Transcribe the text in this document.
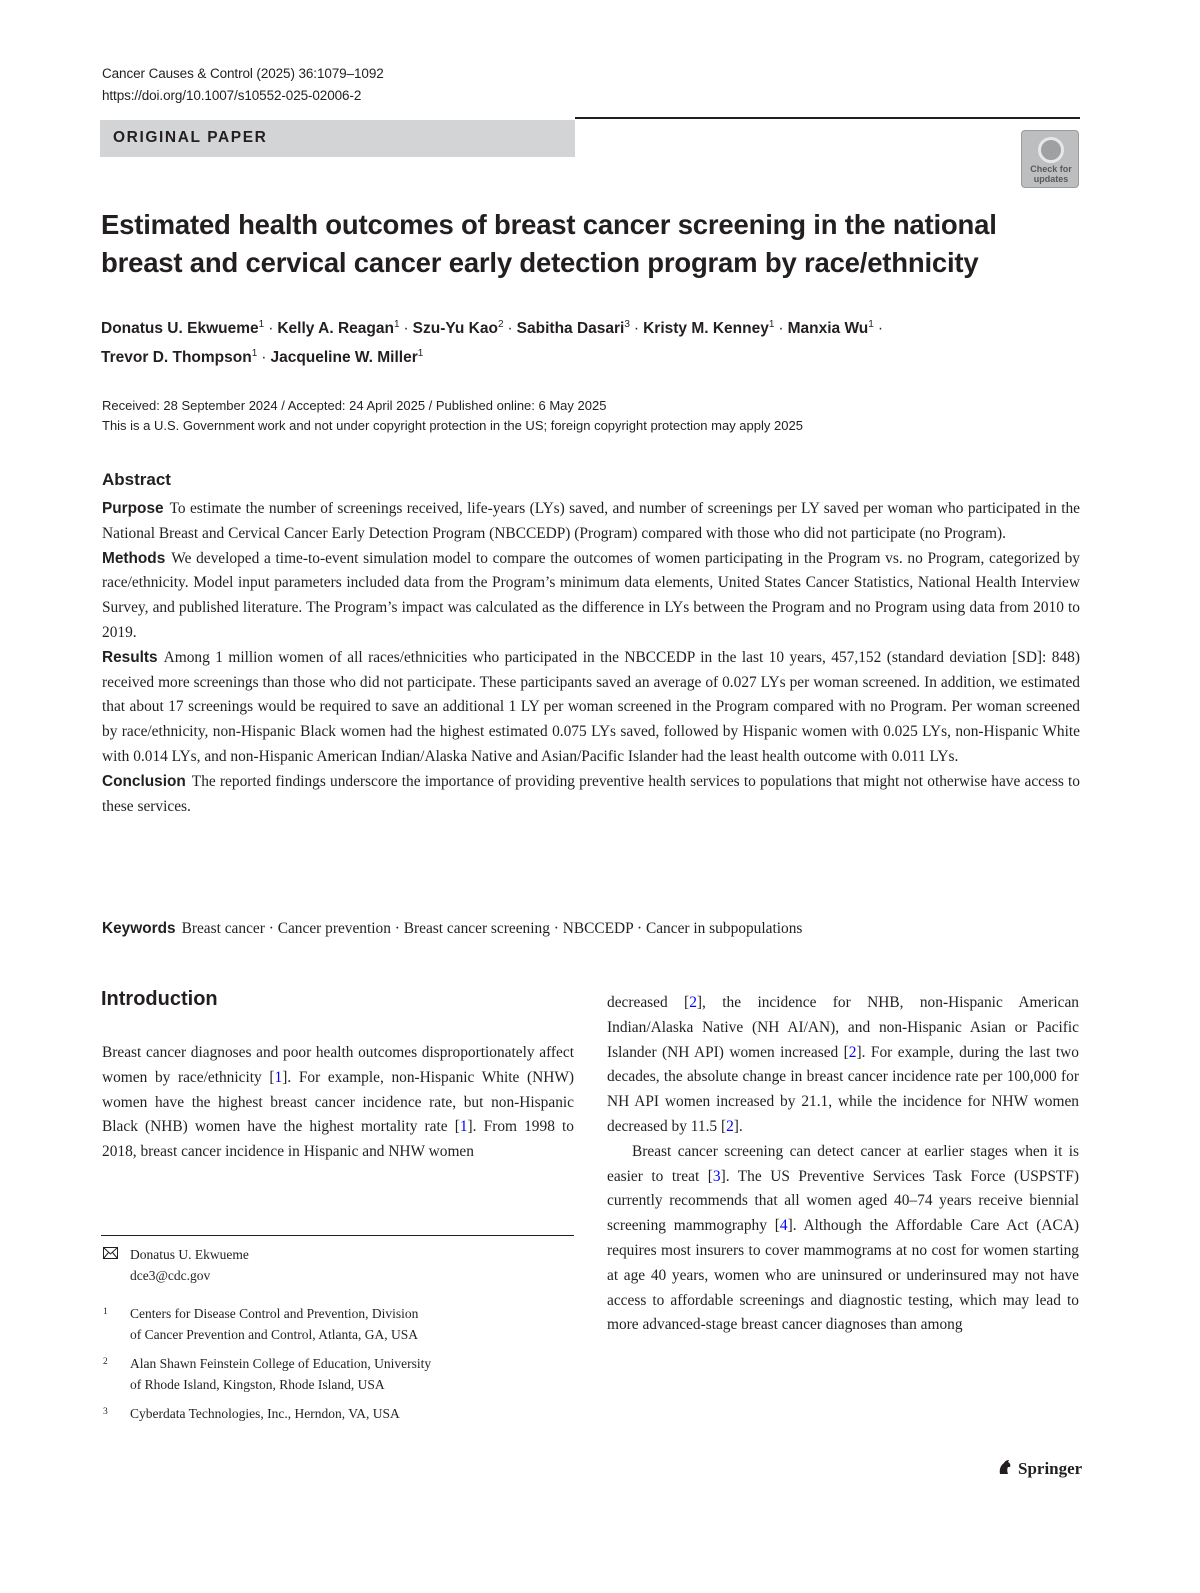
Cancer Causes & Control (2025) 36:1079–1092
https://doi.org/10.1007/s10552-025-02006-2
ORIGINAL PAPER
Check for updates
Estimated health outcomes of breast cancer screening in the national
breast and cervical cancer early detection program by race/ethnicity
Donatus U. Ekwueme$^1$ · Kelly A. Reagan$^1$ · Szu-Yu Kao$^2$ · Sabitha Dasari$^3$ · Kristy M. Kenney$^1$ · Manxia $Wu^1$ ·
Trevor D. Thompson$^1$ · Jacqueline W. Miller$^1$
Received: 28 September 2024 / Accepted: 24 April 2025 / Published online: 6 May 2025
This is a U.S. Government work and not under copyright protection in the US; foreign copyright protection may apply 2025
Abstract

Purpose To estimate the number of screenings received, life-years (LYs) saved, and number of screenings per LY saved per woman who participated in the National Breast and Cervical Cancer Early Detection Program (NBCCEDP) (Program) compared with those who did not participate (no Program).

Methods We developed a time-to-event simulation model to compare the outcomes of women participating in the Program vs. no Program, categorized by race/ethnicity. Model input parameters included data from the Program’s minimum data elements, United States Cancer Statistics, National Health Interview Survey, and published literature. The Program’s impact was calculated as the difference in LYs between the Program and no Program using data from 2010 to 2019.

Results Among 1 million women of all races/ethnicities who participated in the NBCCEDP in the last 10 years, 457,152 (standard deviation [SD]: 848) received more screenings than those who did not participate. These participants saved an average of 0.027 LYs per woman screened. In addition, we estimated that about 17 screenings would be required to save an additional 1 LY per woman screened in the Program compared with no Program. Per woman screened by race/ethnicity, non-Hispanic Black women had the highest estimated 0.075 LYs saved, followed by Hispanic women with 0.025 LYs, non-Hispanic White with 0.014 LYs, and non-Hispanic American Indian/Alaska Native and Asian/Pacific Islander had the least health outcome with 0.011 LYs.

Conclusion The reported findings underscore the importance of providing preventive health services to populations that might not otherwise have access to these services.

Keywords Breast cancer · Cancer prevention · Breast cancer screening · NBCCEDP · Cancer in subpopulations
Introduction

Breast cancer diagnoses and poor health outcomes disproportionately affect women by race/ethnicity [1]. For example, non-Hispanic White (NHW) women have the highest breast cancer incidence rate, but non-Hispanic Black (NHB) women have the highest mortality rate [1]. From 1998 to 2018, breast cancer incidence in Hispanic and NHW women

decreased [2], the incidence for NHB, non-Hispanic American Indian/Alaska Native (NH AI/AN), and non-Hispanic Asian or Pacific Islander (NH API) women increased [2]. For example, during the last two decades, the absolute change in breast cancer incidence rate per 100,000 for NH API women increased by 21.1, while the incidence for NHW women decreased by 11.5 [2].

Breast cancer screening can detect cancer at earlier stages when it is easier to treat [3]. The US Preventive Services Task Force (USPSTF) currently recommends that all women aged 40–74 years receive biennial screening mammography [4]. Although the Affordable Care Act (ACA) requires most insurers to cover mammograms at no cost for women starting at age 40 years, women who are uninsured or underinsured may not have access to affordable screenings and diagnostic testing, which may lead to more advanced-stage breast cancer diagnoses than among

Donatus U. Ekwueme
dce3@cdc.gov
1 Centers for Disease Control and Prevention, Division
of Cancer Prevention and Control, Atlanta, GA, USA
2 Alan Shawn Feinstein College of Education, University
of Rhode Island, Kingston, Rhode Island, USA
3 Cyberdata Technologies, Inc., Herndon, VA, USA
Springer
